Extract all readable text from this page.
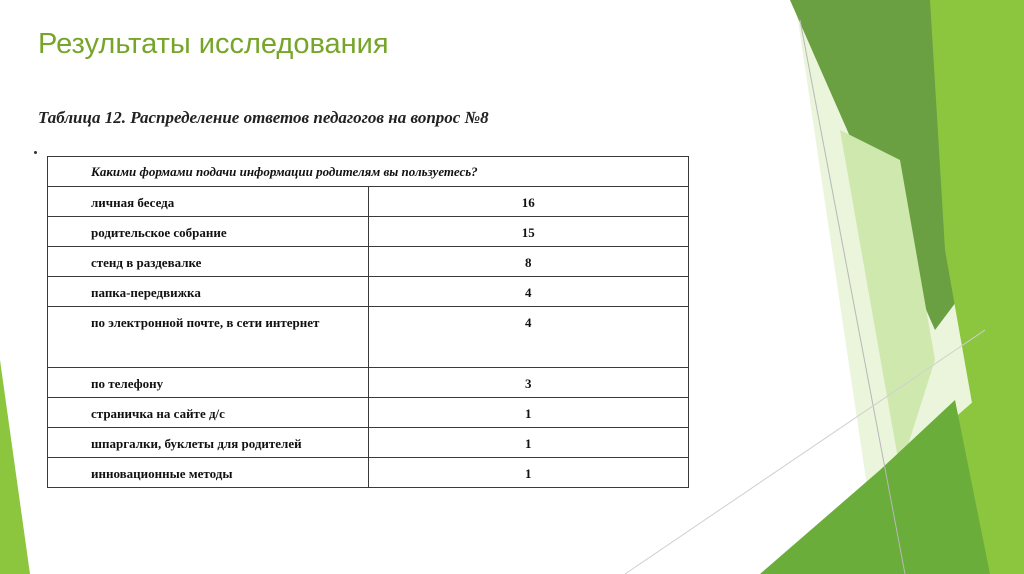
Результаты исследования

Таблица 12. Распределение ответов педагогов на вопрос №8

Какими формами подачи информации родителям вы пользуетесь?	
личная беседа	16
родительское собрание	15
стенд в раздевалке	8
папка-передвижка	4
по электронной почте, в сети интернет	4
по телефону	3
страничка на сайте д/с	1
шпаргалки, буклеты для родителей	1
инновационные методы	1
